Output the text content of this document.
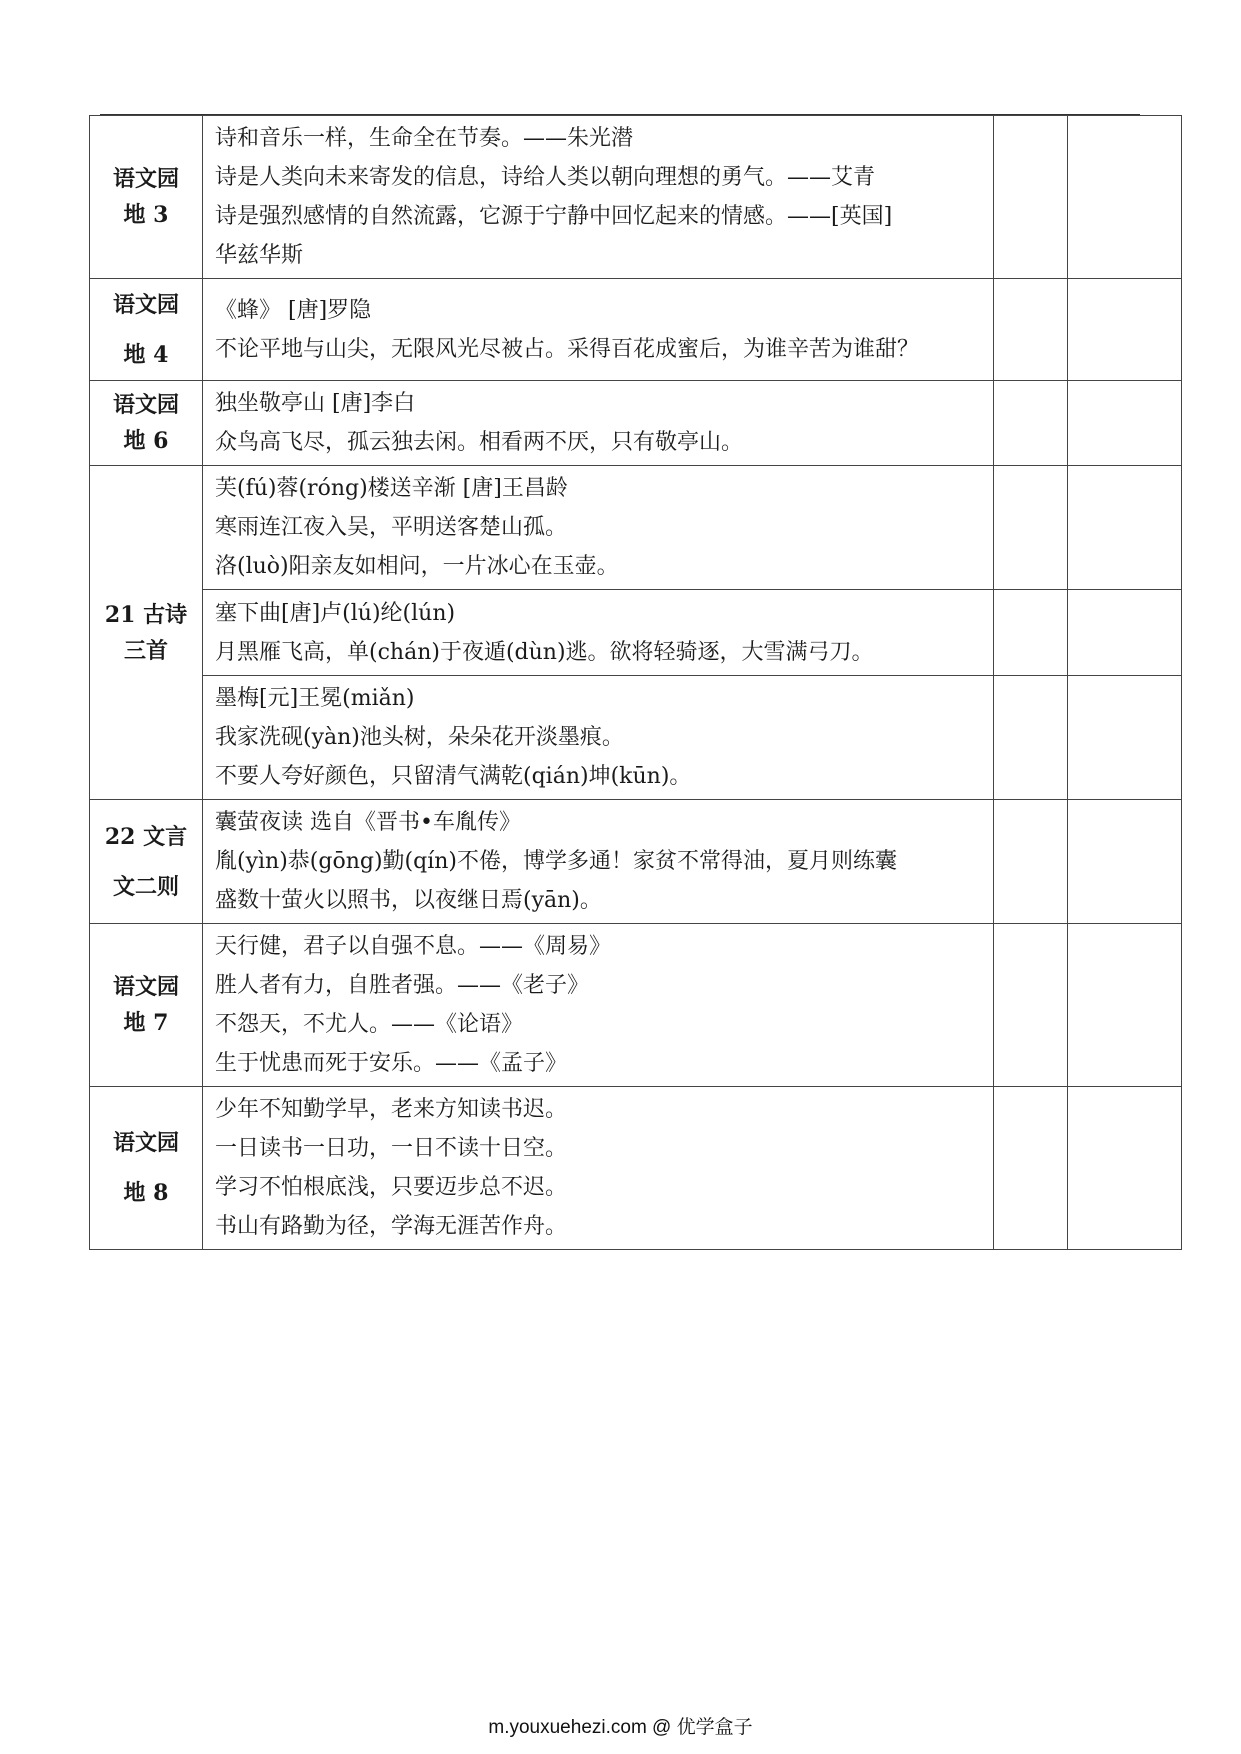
语文园
地 3	诗和音乐一样，生命全在节奏。——朱光潜
诗是人类向未来寄发的信息，诗给人类以朝向理想的勇气。——艾青
诗是强烈感情的自然流露，它源于宁静中回忆起来的情感。——[英国]
华兹华斯		

语文园
地 4	《蜂》 [唐]罗隐
不论平地与山尖，无限风光尽被占。采得百花成蜜后，为谁辛苦为谁甜？		

语文园
地 6	独坐敬亭山 [唐]李白
众鸟高飞尽，孤云独去闲。相看两不厌，只有敬亭山。		

21 古诗
三首	芙(fú)蓉(róng)楼送辛渐 [唐]王昌龄
寒雨连江夜入吴，平明送客楚山孤。
洛(luò)阳亲友如相问，一片冰心在玉壶。		

	塞下曲[唐]卢(lú)纶(lún)
月黑雁飞高，单(chán)于夜遁(dùn)逃。欲将轻骑逐，大雪满弓刀。		

	墨梅[元]王冕(miǎn)
我家洗砚(yàn)池头树，朵朵花开淡墨痕。
不要人夸好颜色，只留清气满乾(qián)坤(kūn)。		

22 文言
文二则	囊萤夜读 选自《晋书•车胤传》
胤(yìn)恭(gōng)勤(qín)不倦，博学多通！家贫不常得油，夏月则练囊
盛数十萤火以照书，以夜继日焉(yān)。		

语文园
地 7	天行健，君子以自强不息。——《周易》
胜人者有力，自胜者强。——《老子》
不怨天，不尤人。——《论语》
生于忧患而死于安乐。——《孟子》		

语文园
地 8	少年不知勤学早，老来方知读书迟。
一日读书一日功，一日不读十日空。
学习不怕根底浅，只要迈步总不迟。
书山有路勤为径，学海无涯苦作舟。		

m.youxuehezi.com @ 优学盒子
